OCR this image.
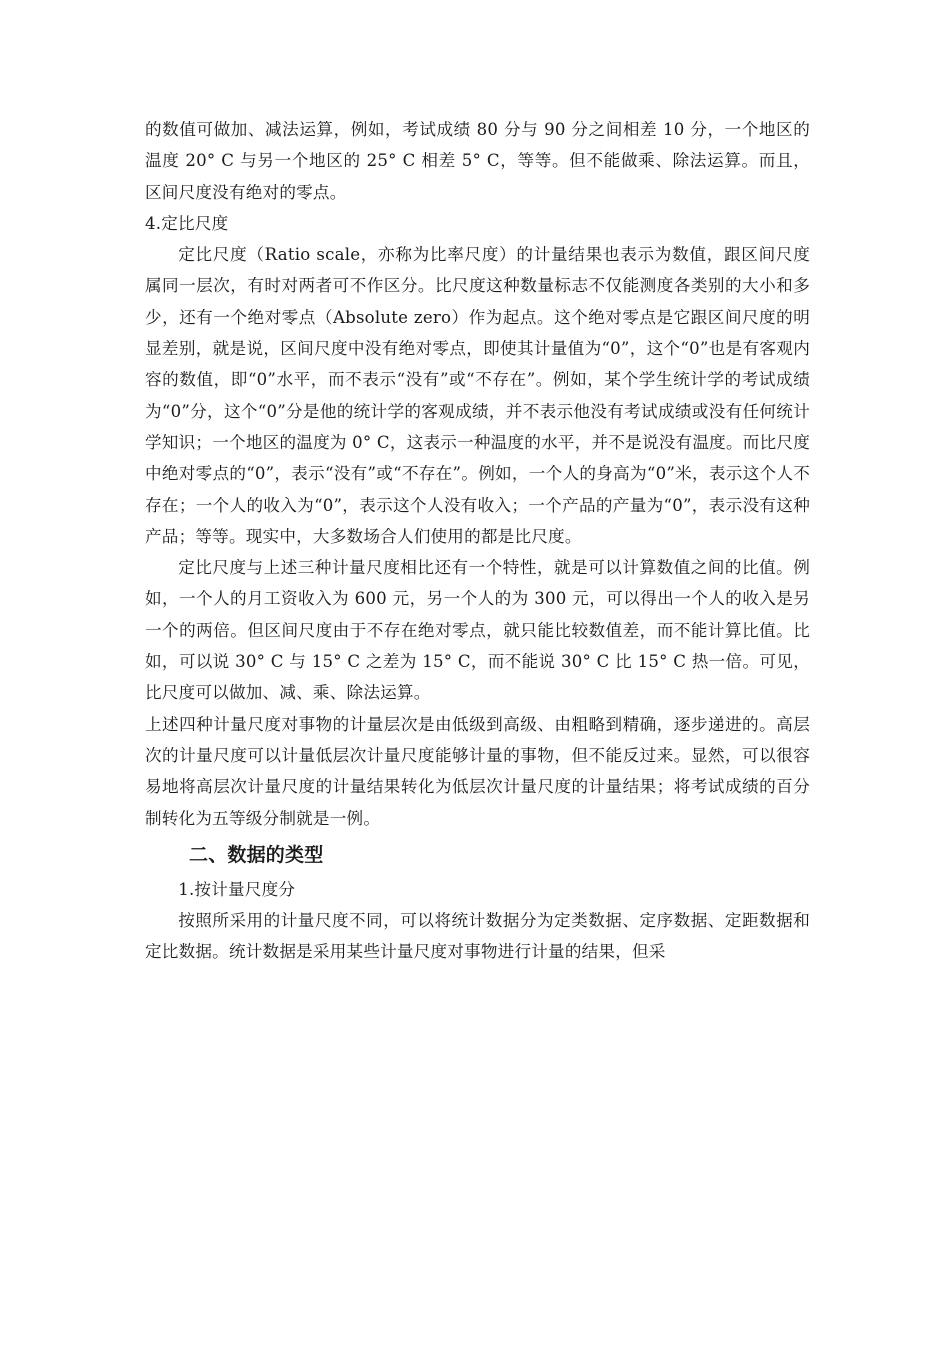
的数值可做加、减法运算，例如，考试成绩 80 分与 90 分之间相差 10 分，一个地区的温度 20° C 与另一个地区的 25° C 相差 5° C，等等。但不能做乘、除法运算。而且，区间尺度没有绝对的零点。

4.定比尺度

定比尺度（Ratio scale，亦称为比率尺度）的计量结果也表示为数值，跟区间尺度属同一层次，有时对两者可不作区分。比尺度这种数量标志不仅能测度各类别的大小和多少，还有一个绝对零点（Absolute zero）作为起点。这个绝对零点是它跟区间尺度的明显差别，就是说，区间尺度中没有绝对零点，即使其计量值为“0”，这个“0”也是有客观内容的数值，即“0”水平，而不表示“没有”或“不存在”。例如，某个学生统计学的考试成绩为“0”分，这个“0”分是他的统计学的客观成绩，并不表示他没有考试成绩或没有任何统计学知识；一个地区的温度为 0° C，这表示一种温度的水平，并不是说没有温度。而比尺度中绝对零点的“0”，表示“没有”或“不存在”。例如，一个人的身高为“0”米，表示这个人不存在；一个人的收入为“0”，表示这个人没有收入；一个产品的产量为“0”，表示没有这种产品；等等。现实中，大多数场合人们使用的都是比尺度。

定比尺度与上述三种计量尺度相比还有一个特性，就是可以计算数值之间的比值。例如，一个人的月工资收入为 600 元，另一个人的为 300 元，可以得出一个人的收入是另一个的两倍。但区间尺度由于不存在绝对零点，就只能比较数值差，而不能计算比值。比如，可以说 30° C 与 15° C 之差为 15° C，而不能说 30° C 比 15° C 热一倍。可见，比尺度可以做加、减、乘、除法运算。

上述四种计量尺度对事物的计量层次是由低级到高级、由粗略到精确，逐步递进的。高层次的计量尺度可以计量低层次计量尺度能够计量的事物，但不能反过来。显然，可以很容易地将高层次计量尺度的计量结果转化为低层次计量尺度的计量结果；将考试成绩的百分制转化为五等级分制就是一例。

二、数据的类型

1.按计量尺度分

按照所采用的计量尺度不同，可以将统计数据分为定类数据、定序数据、定距数据和定比数据。统计数据是采用某些计量尺度对事物进行计量的结果，但采
